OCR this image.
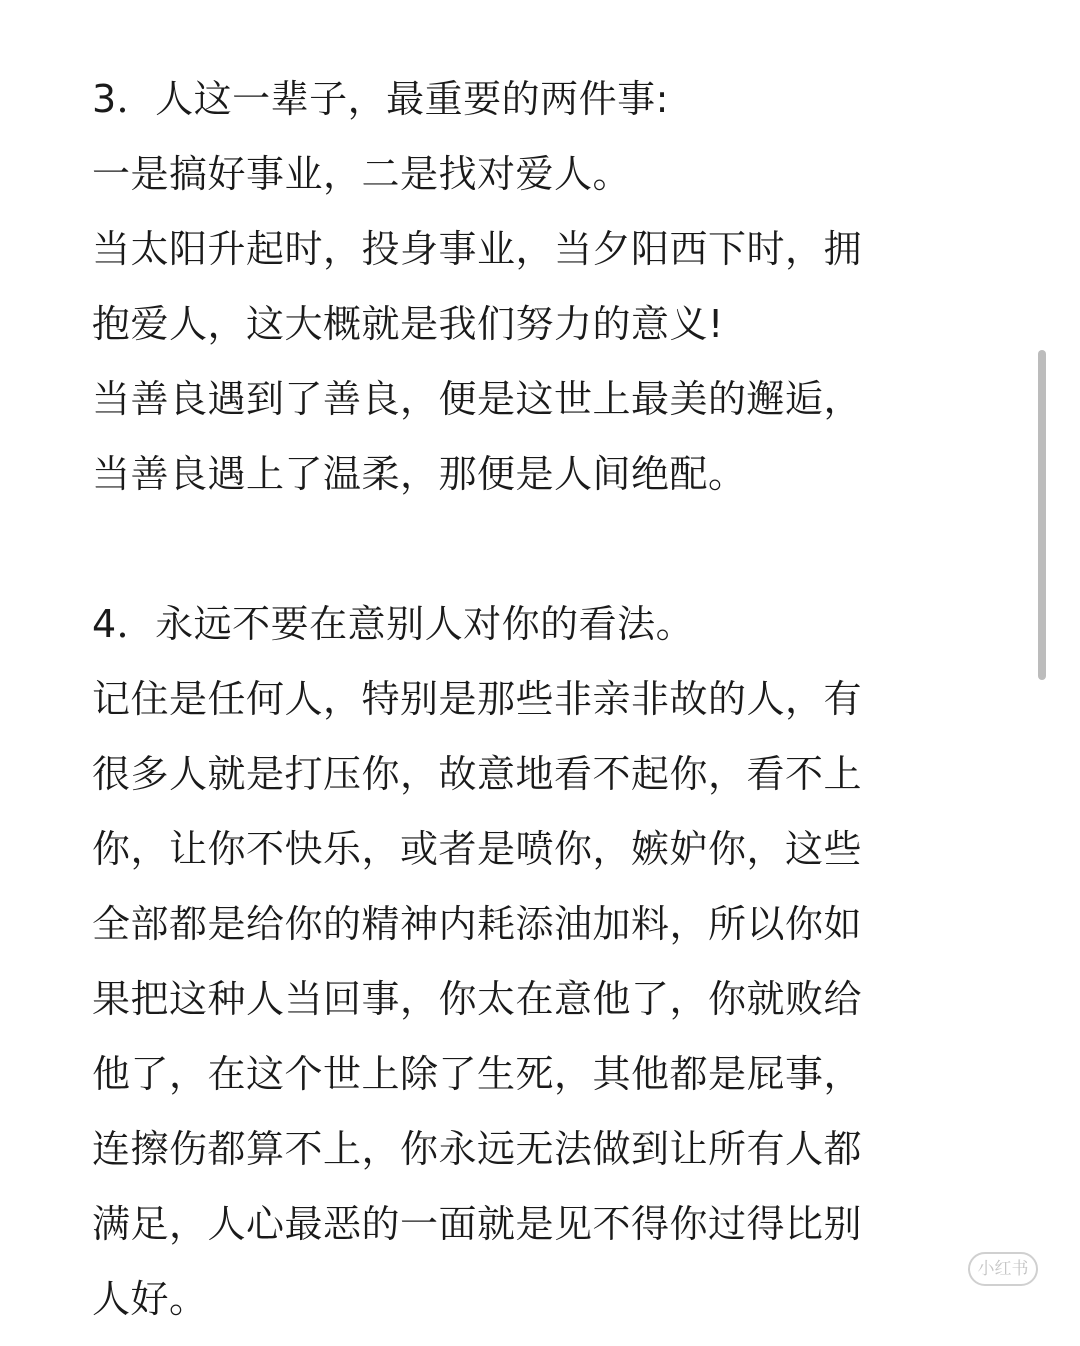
3．人这一辈子，最重要的两件事:
一是搞好事业，二是找对爱人。
当太阳升起时，投身事业，当夕阳西下时，拥
抱爱人，这大概就是我们努力的意义!
当善良遇到了善良，便是这世上最美的邂逅，
当善良遇上了温柔，那便是人间绝配。
4．永远不要在意别人对你的看法。
记住是任何人，特别是那些非亲非故的人，有
很多人就是打压你，故意地看不起你，看不上
你，让你不快乐，或者是喷你，嫉妒你，这些
全部都是给你的精神内耗添油加料，所以你如
果把这种人当回事，你太在意他了，你就败给
他了，在这个世上除了生死，其他都是屁事，
连擦伤都算不上，你永远无法做到让所有人都
满足，人心最恶的一面就是见不得你过得比别
人好。
小红书
